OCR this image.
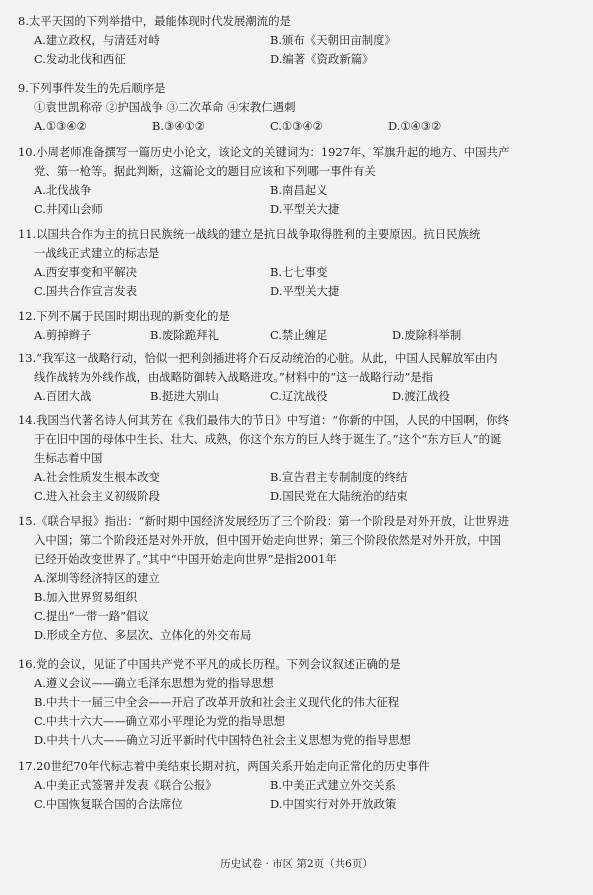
8.太平天国的下列举措中，最能体现时代发展潮流的是

A.建立政权，与清廷对峙	B.颁布《天朝田亩制度》
C.发动北伐和西征	D.编著《资政新篇》

9.下列事件发生的先后顺序是

①袁世凯称帝 ②护国战争 ③二次革命 ④宋教仁遇刺

A.①③④②	B.③④①②	C.①③④②	D.①④③②

10.小周老师准备撰写一篇历史小论文，该论文的关键词为：1927年、军旗升起的地方、中国共产

党、第一枪等。据此判断，这篇论文的题目应该和下列哪一事件有关

A.北伐战争	B.南昌起义
C.井冈山会师	D.平型关大捷

11.以国共合作为主的抗日民族统一战线的建立是抗日战争取得胜利的主要原因。抗日民族统

一战线正式建立的标志是

A.西安事变和平解决	B.七七事变
C.国共合作宣言发表	D.平型关大捷

12.下列不属于民国时期出现的新变化的是

A.剪掉辫子	B.废除跪拜礼	C.禁止缠足	D.废除科举制

13.“我军这一战略行动，恰似一把利剑插进将介石反动统治的心脏。从此，中国人民解放军由内

线作战转为外线作战，由战略防御转入战略进攻。”材料中的“这一战略行动”是指

A.百团大战	B.挺进大别山	C.辽沈战役	D.渡江战役

14.我国当代著名诗人何其芳在《我们最伟大的节日》中写道：“你新的中国，人民的中国啊，你终

于在旧中国的母体中生长、壮大、成熟，你这个东方的巨人终于诞生了。”这个“东方巨人”的诞

生标志着中国

A.社会性质发生根本改变	B.宣告君主专制制度的终结
C.进入社会主义初级阶段	D.国民党在大陆统治的结束

15.《联合早报》指出：“新时期中国经济发展经历了三个阶段：第一个阶段是对外开放，让世界进

入中国；第二个阶段还是对外开放，但中国开始走向世界；第三个阶段依然是对外开放，中国

已经开始改变世界了。”其中“中国开始走向世界”是指2001年

A.深圳等经济特区的建立
B.加入世界贸易组织
C.提出“一带一路”倡议
D.形成全方位、多层次、立体化的外交布局

16.党的会议，见证了中国共产党不平凡的成长历程。下列会议叙述正确的是

A.遵义会议——确立毛泽东思想为党的指导思想
B.中共十一届三中全会——开启了改革开放和社会主义现代化的伟大征程
C.中共十六大——确立邓小平理论为党的指导思想
D.中共十八大——确立习近平新时代中国特色社会主义思想为党的指导思想

17.20世纪70年代标志着中美结束长期对抗，两国关系开始走向正常化的历史事件

A.中美正式签署并发表《联合公报》	B.中美正式建立外交关系
C.中国恢复联合国的合法席位	D.中国实行对外开放政策
历史试卷 · 市区 第2页（共6页）
